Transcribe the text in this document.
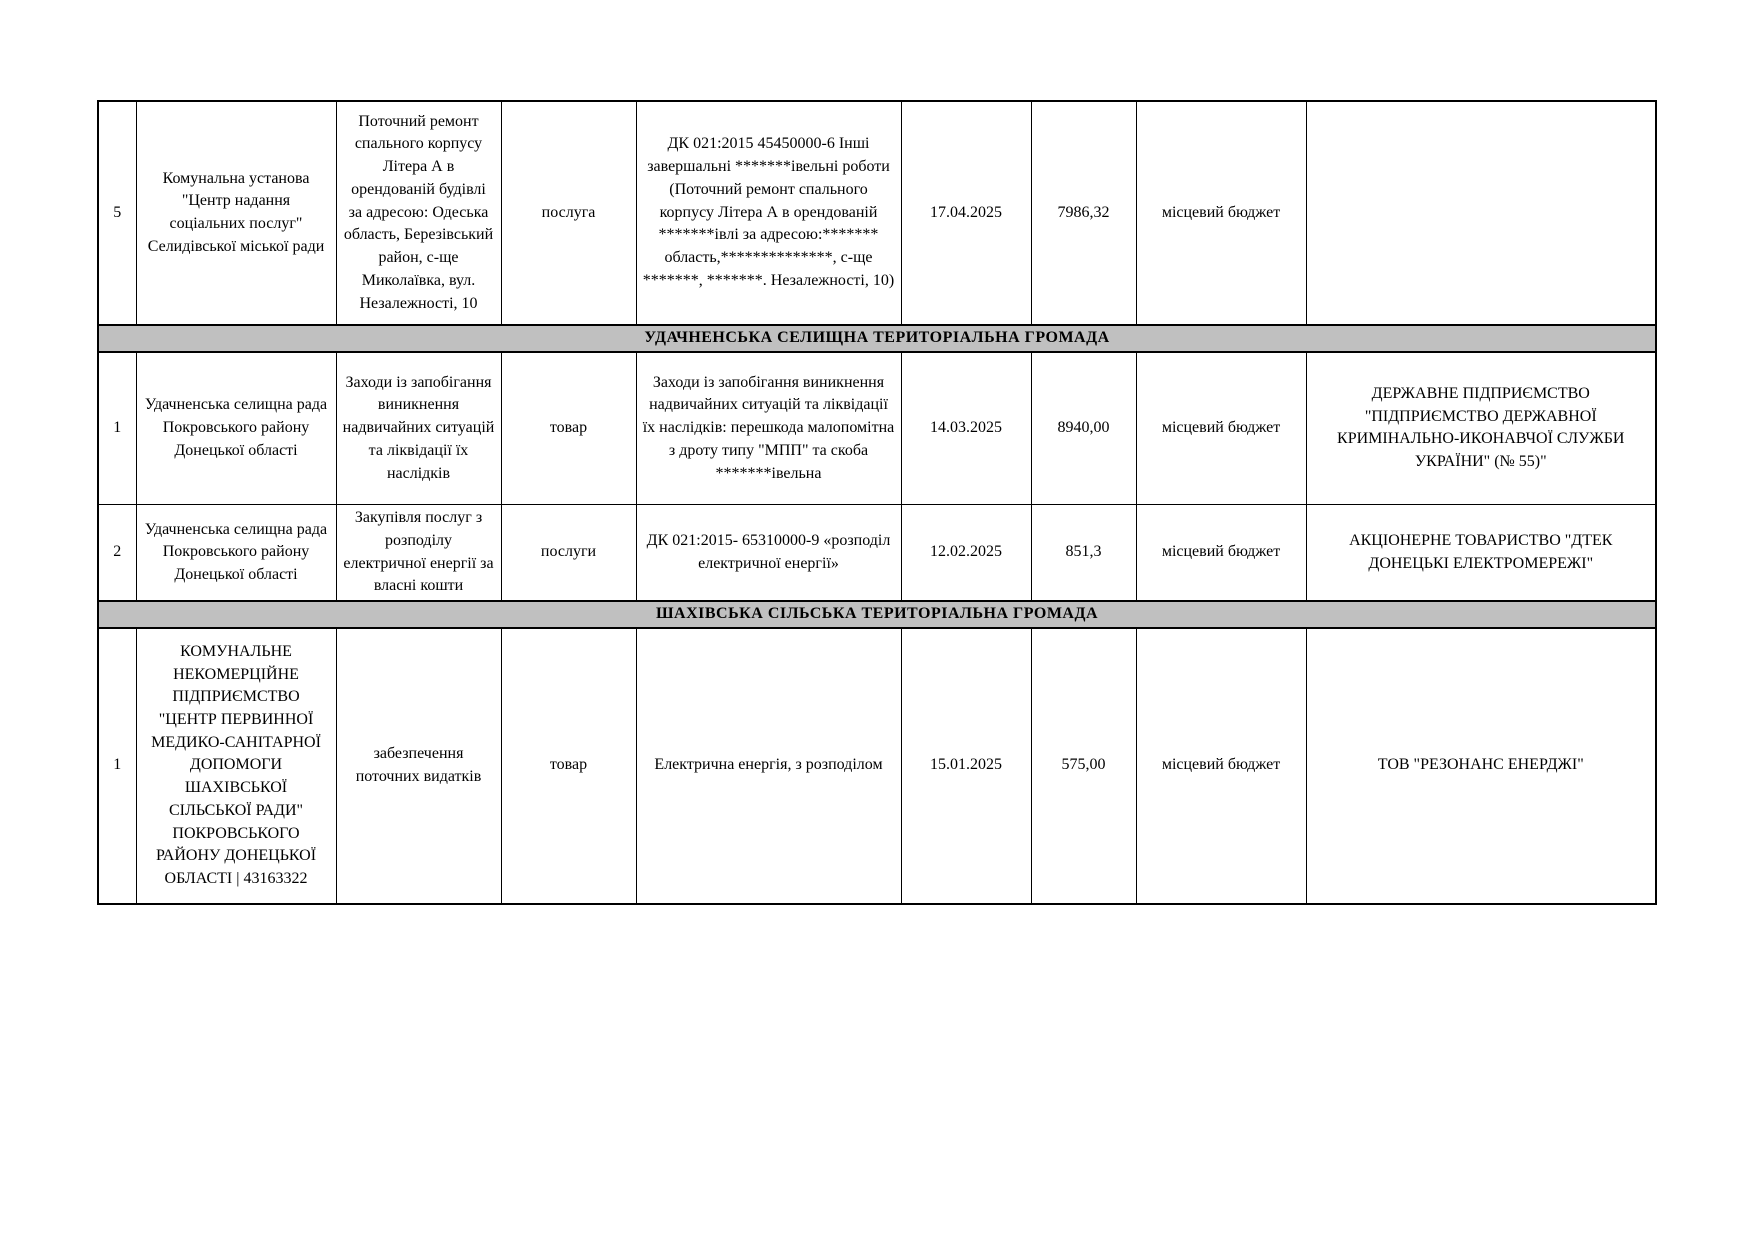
5	Комунальна установа "Центр надання соціальних послуг" Селидівської міської ради	Поточний ремонт спального корпусу Літера А в орендованій будівлі за адресою: Одеська область, Березівський район, с-ще Миколаївка, вул. Незалежності, 10	послуга	ДК 021:2015 45450000-6 Інші завершальні *******івельні роботи (Поточний ремонт спального корпусу Літера А в орендованій *******івлі за адресою:******* область,**************, с-ще *******, *******. Незалежності, 10)	17.04.2025	7986,32	місцевий бюджет	
УДАЧНЕНСЬКА СЕЛИЩНА ТЕРИТОРІАЛЬНА ГРОМАДА								
1	Удачненська селищна рада Покровського району Донецької області	Заходи із запобігання виникнення надвичайних ситуацій та ліквідації їх наслідків	товар	Заходи із запобігання виникнення надвичайних ситуацій та ліквідації їх наслідків: перешкода малопомітна з дроту типу "МПП" та скоба *******івельна	14.03.2025	8940,00	місцевий бюджет	ДЕРЖАВНЕ ПІДПРИЄМСТВО "ПІДПРИЄМСТВО ДЕРЖАВНОЇ КРИМІНАЛЬНО-ИКОНАВЧОЇ СЛУЖБИ УКРАЇНИ" (№ 55)"
2	Удачненська селищна рада Покровського району Донецької області	Закупівля послуг з розподілу електричної енергії за власні кошти	послуги	ДК 021:2015- 65310000-9 «розподіл електричної енергії»	12.02.2025	851,3	місцевий бюджет	АКЦІОНЕРНЕ ТОВАРИСТВО "ДТЕК ДОНЕЦЬКІ ЕЛЕКТРОМЕРЕЖІ"
ШАХІВСЬКА СІЛЬСЬКА ТЕРИТОРІАЛЬНА ГРОМАДА								
1	КОМУНАЛЬНЕ НЕКОМЕРЦІЙНЕ ПІДПРИЄМСТВО "ЦЕНТР ПЕРВИННОЇ МЕДИКО-САНІТАРНОЇ ДОПОМОГИ ШАХІВСЬКОЇ СІЛЬСЬКОЇ РАДИ" ПОКРОВСЬКОГО РАЙОНУ ДОНЕЦЬКОЇ ОБЛАСТІ | 43163322	забезпечення поточних видатків	товар	Електрична енергія, з розподілом	15.01.2025	575,00	місцевий бюджет	ТОВ "РЕЗОНАНС ЕНЕРДЖІ"
